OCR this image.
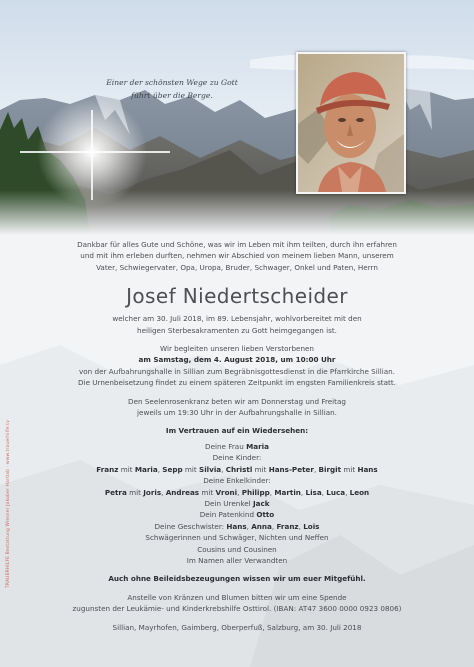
Einer der schönsten Wege zu Gott
führt über die Berge.

Dankbar für alles Gute und Schöne, was wir im Leben mit ihm teilten, durch ihn erfahren

und mit ihm erleben durften, nehmen wir Abschied von meinem lieben Mann, unserem

Vater, Schwiegervater, Opa, Uropa, Bruder, Schwager, Onkel und Paten, Herrn

Josef Niedertscheider

welcher am 30. Juli 2018, im 89. Lebensjahr, wohlvorbereitet mit den

heiligen Sterbesakramenten zu Gott heimgegangen ist.

Wir begleiten unseren lieben Verstorbenen

am Samstag, dem 4. August 2018, um 10:00 Uhr

von der Aufbahrungshalle in Sillian zum Begräbnisgottesdienst in die Pfarrkirche Sillian.

Die Urnenbeisetzung findet zu einem späteren Zeitpunkt im engsten Familienkreis statt.

Den Seelenrosenkranz beten wir am Donnerstag und Freitag

jeweils um 19:30 Uhr in der Aufbahrungshalle in Sillian.

Im Vertrauen auf ein Wiedersehen:

Deine Frau Maria

Deine Kinder:

Franz mit Maria, Sepp mit Silvia, Christl mit Hans-Peter, Birgit mit Hans

Deine Enkelkinder:

Petra mit Joris, Andreas mit Vroni, Philipp, Martin, Lisa, Luca, Leon

Dein Urenkel Jack

Dein Patenkind Otto

Deine Geschwister: Hans, Anna, Franz, Lois

Schwägerinnen und Schwäger, Nichten und Neffen

Cousins und Cousinen

Im Namen aller Verwandten

Auch ohne Beileidsbezeugungen wissen wir um euer Mitgefühl.

Anstelle von Kränzen und Blumen bitten wir um eine Spende

zugunsten der Leukämie- und Kinderkrebshilfe Osttirol. (IBAN: AT47 3600 0000 0923 0806)

Sillian, Mayrhofen, Gaimberg, Oberperfuß, Salzburg, am 30. Juli 2018

TRAUERHILFE Bestattung Wiesner Jakober Hartlab · www.trauerhilfe.tv
